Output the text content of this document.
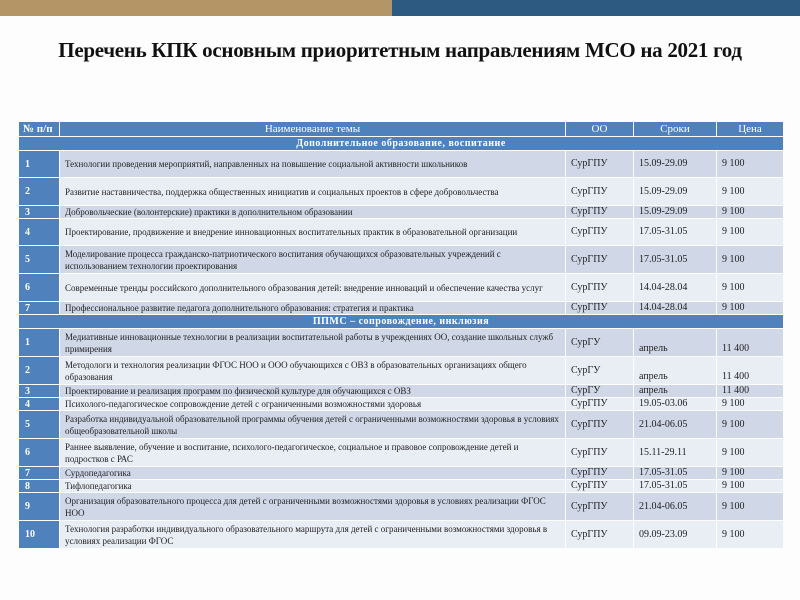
Перечень КПК основным приоритетным направлениям МСО на 2021 год
№ п/п	Наименование темы	ОО	Сроки	Цена
Дополнительное образование, воспитание				
1	Технологии проведения мероприятий, направленных на повышение социальной активности школьников	СурГПУ	15.09-29.09	9 100
2	Развитие наставничества, поддержка общественных инициатив и социальных проектов в сфере добровольчества	СурГПУ	15.09-29.09	9 100
3	Добровольческие (волонтерские) практики в дополнительном образовании	СурГПУ	15.09-29.09	9 100
4	Проектирование, продвижение и внедрение инновационных воспитательных практик в образовательной организации	СурГПУ	17.05-31.05	9 100
5	Моделирование процесса гражданско-патриотического воспитания обучающихся образовательных учреждений с использованием технологии проектирования	СурГПУ	17.05-31.05	9 100
6	Современные тренды российского дополнительного образования детей: внедрение инноваций и обеспечение качества услуг	СурГПУ	14.04-28.04	9 100
7	Профессиональное развитие педагога дополнительного образования: стратегия и практика	СурГПУ	14.04-28.04	9 100
ППМС – сопровождение, инклюзия				
1	Медиативные инновационные технологии в реализации воспитательной работы в учреждениях ОО, создание школьных служб примирения	СурГУ	апрель	11 400
2	Методологи и технология реализации ФГОС НОО и ООО обучающихся с ОВЗ в образовательных организациях общего образования	СурГУ	апрель	11 400
3	Проектирование и реализация программ по физической культуре для обучающихся с ОВЗ	СурГУ	апрель	11 400
4	Психолого-педагогическое сопровождение детей с ограниченными возможностями здоровья	СурГПУ	19.05-03.06	9 100
5	Разработка индивидуальной образовательной программы обучения детей с ограниченными возможностями здоровья в условиях общеобразовательной школы	СурГПУ	21.04-06.05	9 100
6	Раннее выявление, обучение и воспитание, психолого-педагогическое, социальное и правовое сопровождение детей и подростков с РАС	СурГПУ	15.11-29.11	9 100
7	Сурдопедагогика	СурГПУ	17.05-31.05	9 100
8	Тифлопедагогика	СурГПУ	17.05-31.05	9 100
9	Организация образовательного процесса для детей с ограниченными возможностями здоровья в условиях реализации ФГОС НОО	СурГПУ	21.04-06.05	9 100
10	Технология разработки индивидуального образовательного маршрута для детей с ограниченными возможностями здоровья в условиях реализации ФГОС	СурГПУ	09.09-23.09	9 100
